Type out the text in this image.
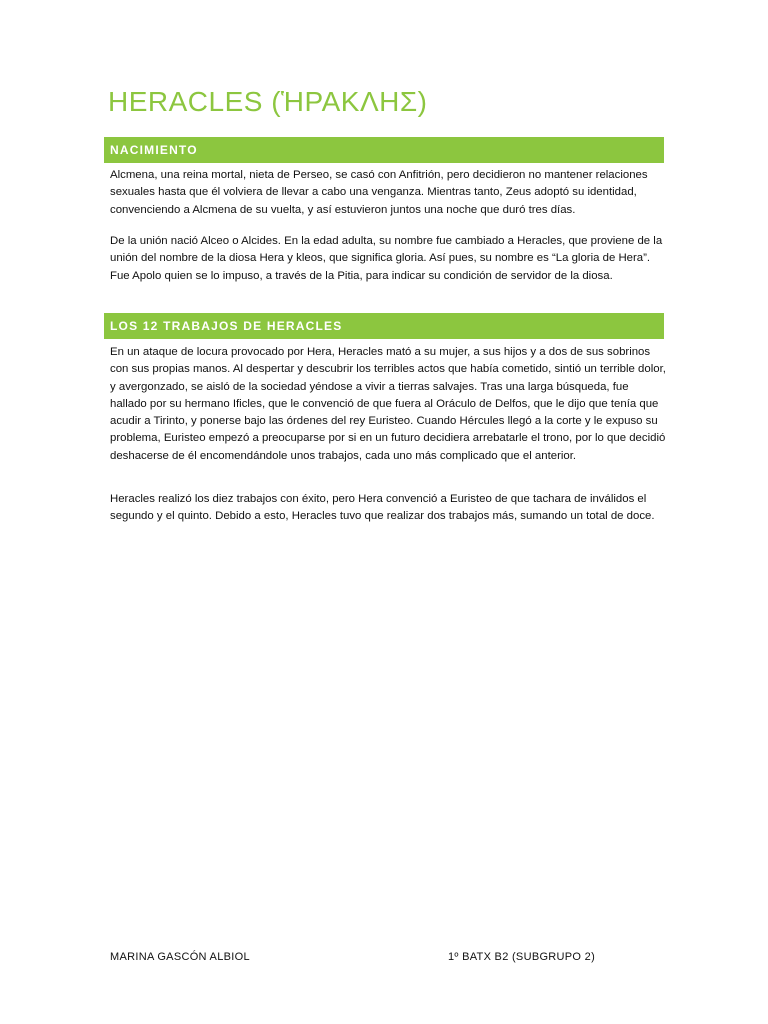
HERACLES (ἩΡΑΚΛΗΣ)
NACIMIENTO

Alcmena, una reina mortal, nieta de Perseo, se casó con Anfitrión, pero decidieron no mantener relaciones sexuales hasta que él volviera de llevar a cabo una venganza. Mientras tanto, Zeus adoptó su identidad, convenciendo a Alcmena de su vuelta, y así estuvieron juntos una noche que duró tres días.

De la unión nació Alceo o Alcides. En la edad adulta, su nombre fue cambiado a Heracles, que proviene de la unión del nombre de la diosa Hera y kleos, que significa gloria. Así pues, su nombre es “La gloria de Hera”. Fue Apolo quien se lo impuso, a través de la Pitia, para indicar su condición de servidor de la diosa.

LOS 12 TRABAJOS DE HERACLES

En un ataque de locura provocado por Hera, Heracles mató a su mujer, a sus hijos y a dos de sus sobrinos con sus propias manos. Al despertar y descubrir los terribles actos que había cometido, sintió un terrible dolor, y avergonzado, se aisló de la sociedad yéndose a vivir a tierras salvajes. Tras una larga búsqueda, fue hallado por su hermano Ificles, que le convenció de que fuera al Oráculo de Delfos, que le dijo que tenía que acudir a Tirinto, y ponerse bajo las órdenes del rey Euristeo. Cuando Hércules llegó a la corte y le expuso su problema, Euristeo empezó a preocuparse por si en un futuro decidiera arrebatarle el trono, por lo que decidió deshacerse de él encomendándole unos trabajos, cada uno más complicado que el anterior.

Heracles realizó los diez trabajos con éxito, pero Hera convenció a Euristeo de que tachara de inválidos el segundo y el quinto. Debido a esto, Heracles tuvo que realizar dos trabajos más, sumando un total de doce.

MARINA GASCÓN ALBIOL	1º BATX B2 (SUBGRUPO 2)
